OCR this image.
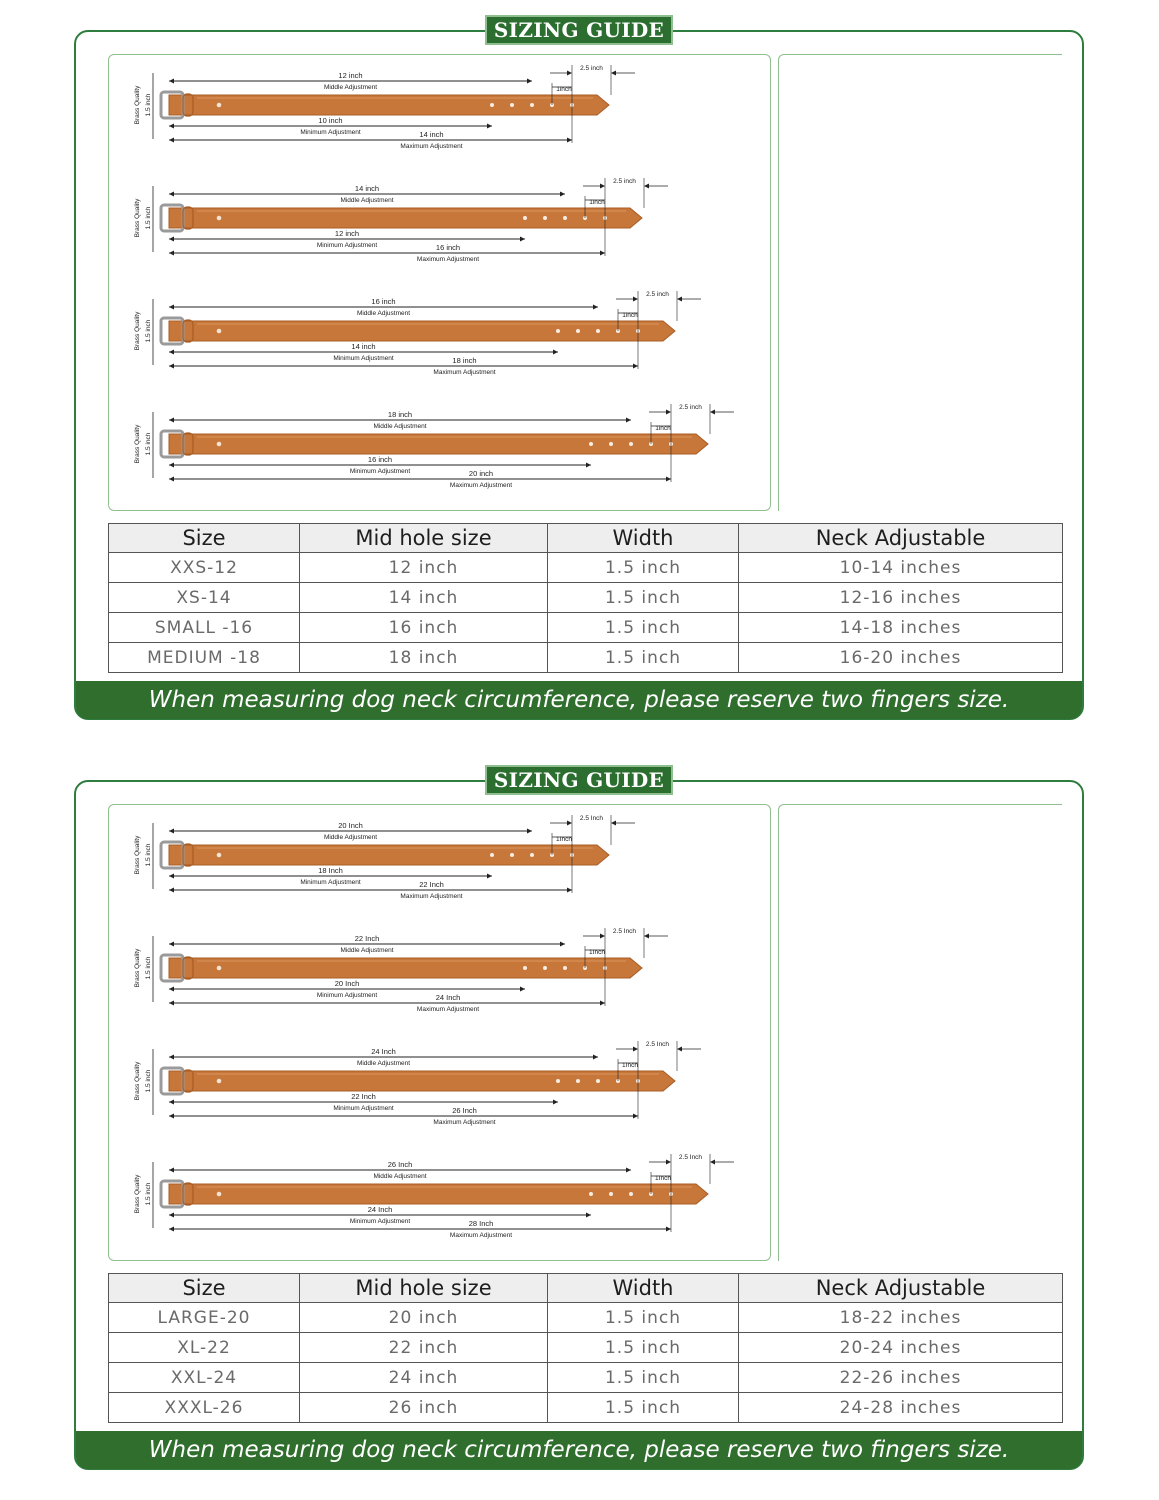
SIZING GUIDE
Brass Quality 1.5 inch
12 inch
Middle Adjustment
10 inch
Minimum Adjustment	14 inch
Maximum Adjustment
1inch
2.5 inch
Brass Quality 1.5 inch
14 inch
Middle Adjustment
12 inch
Minimum Adjustment	16 inch
Maximum Adjustment
1inch
2.5 inch
Brass Quality 1.5 inch
16 inch
Middle Adjustment
14 inch
Minimum Adjustment	18 inch
Maximum Adjustment
1inch
2.5 inch
Brass Quality 1.5 inch
18 inch
Middle Adjustment
16 inch
Minimum Adjustment	20 inch
Maximum Adjustment
1inch
2.5 inch
Size	Mid hole size	Width	Neck Adjustable
XXS-12	12 inch	1.5 inch	10-14 inches
XS-14	14 inch	1.5 inch	12-16 inches
SMALL -16	16 inch	1.5 inch	14-18 inches
MEDIUM -18	18 inch	1.5 inch	16-20 inches
When measuring dog neck circumference, please reserve two fingers size.
SIZING GUIDE
Brass Quality 1.5 inch
20 Inch
Middle Adjustment
18 Inch
Minimum Adjustment	22 Inch
Maximum Adjustment
1Inch
2.5 Inch
Brass Quality 1.5 inch
22 Inch
Middle Adjustment
20 Inch
Minimum Adjustment	24 Inch
Maximum Adjustment
1Inch
2.5 Inch
Brass Quality 1.5 inch
24 Inch
Middle Adjustment
22 Inch
Minimum Adjustment	26 Inch
Maximum Adjustment
1Inch
2.5 Inch
Brass Quality 1.5 inch
26 Inch
Middle Adjustment
24 Inch
Minimum Adjustment	28 Inch
Maximum Adjustment
1Inch
2.5 Inch
Size	Mid hole size	Width	Neck Adjustable
LARGE-20	20 inch	1.5 inch	18-22 inches
XL-22	22 inch	1.5 inch	20-24 inches
XXL-24	24 inch	1.5 inch	22-26 inches
XXXL-26	26 inch	1.5 inch	24-28 inches
When measuring dog neck circumference, please reserve two fingers size.
